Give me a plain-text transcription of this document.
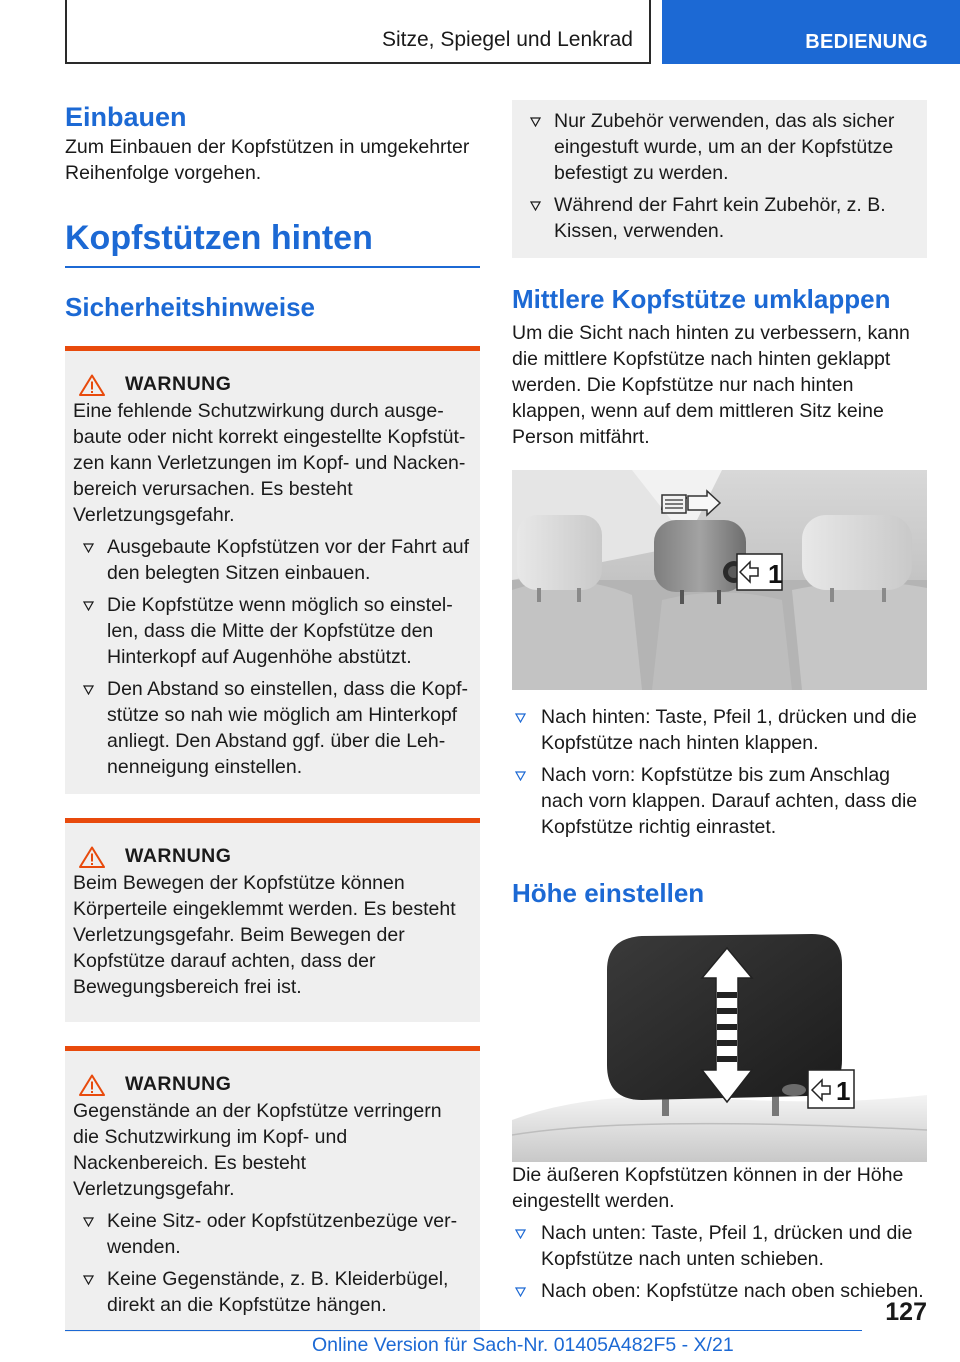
Sitze, Spiegel und Lenkrad	BEDIENUNG
Einbauen

Zum Einbauen der Kopfstützen in umgekehrter Reihenfolge vorgehen.

Kopfstützen hinten
Sicherheitshinweise
WARNUNG

Eine fehlende Schutzwirkung durch ausgebaute oder nicht korrekt eingestellte Kopfstützen kann Verletzungen im Kopf- und Nackenbereich verursachen. Es besteht Verletzungsgefahr.

Ausgebaute Kopfstützen vor der Fahrt auf den belegten Sitzen einbauen.
Die Kopfstütze wenn möglich so einstellen, dass die Mitte der Kopfstütze den Hinterkopf auf Augenhöhe abstützt.
Den Abstand so einstellen, dass die Kopfstütze so nah wie möglich am Hinterkopf anliegt. Den Abstand ggf. über die Lehnenneigung einstellen.
WARNUNG

Beim Bewegen der Kopfstütze können Körperteile eingeklemmt werden. Es besteht Verletzungsgefahr. Beim Bewegen der Kopfstütze darauf achten, dass der Bewegungsbereich frei ist.

WARNUNG

Gegenstände an der Kopfstütze verringern die Schutzwirkung im Kopf- und Nackenbereich. Es besteht Verletzungsgefahr.

Keine Sitz- oder Kopfstützenbezüge verwenden.
Keine Gegenstände, z. B. Kleiderbügel, direkt an die Kopfstütze hängen.
Nur Zubehör verwenden, das als sicher eingestuft wurde, um an der Kopfstütze befestigt zu werden.
Während der Fahrt kein Zubehör, z. B. Kissen, verwenden.
Mittlere Kopfstütze umklappen

Um die Sicht nach hinten zu verbessern, kann die mittlere Kopfstütze nach hinten geklappt werden. Die Kopfstütze nur nach hinten klappen, wenn auf dem mittleren Sitz keine Person mitfährt.

1
Nach hinten: Taste, Pfeil 1, drücken und die Kopfstütze nach hinten klappen.
Nach vorn: Kopfstütze bis zum Anschlag nach vorn klappen. Darauf achten, dass die Kopfstütze richtig einrastet.
Höhe einstellen
1

Die äußeren Kopfstützen können in der Höhe eingestellt werden.

Nach unten: Taste, Pfeil 1, drücken und die Kopfstütze nach unten schieben.
Nach oben: Kopfstütze nach oben schieben.
127
Online Version für Sach-Nr. 01405A482F5 - X/21
